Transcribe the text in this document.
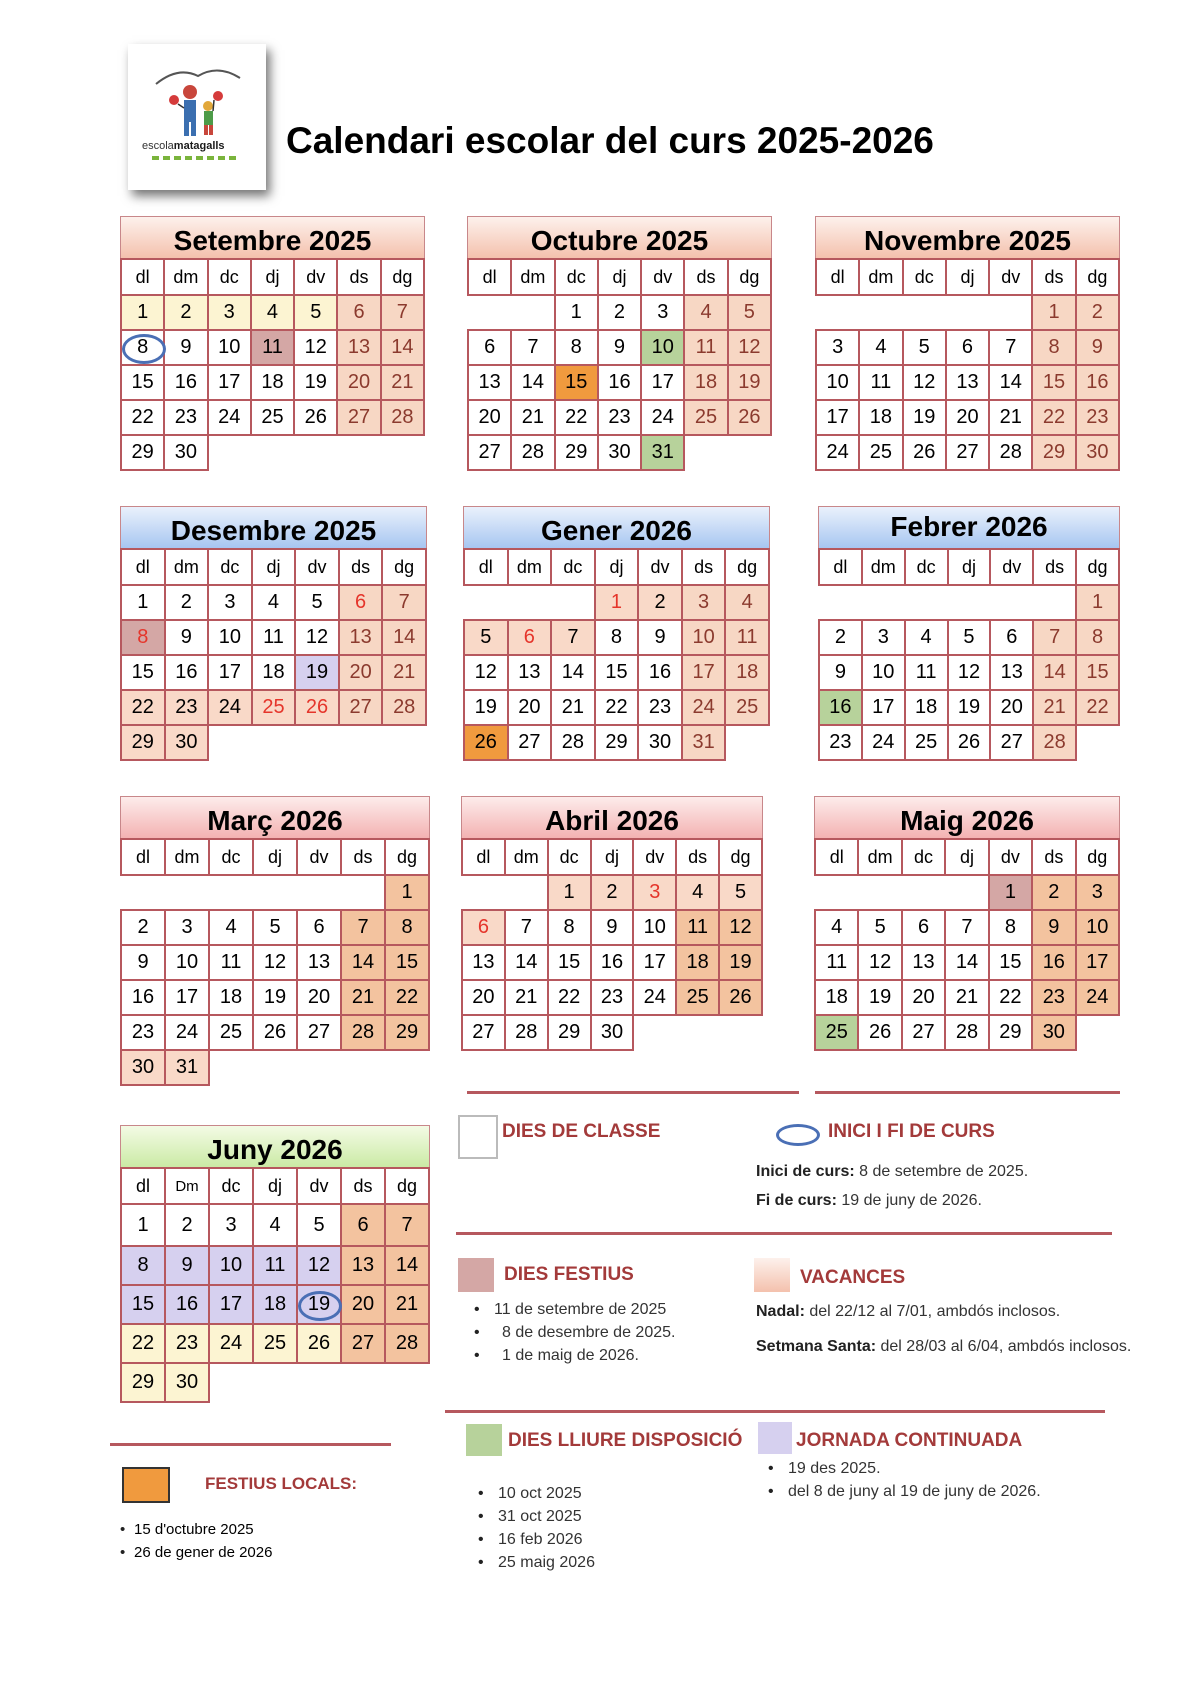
escolamatagalls Calendari escolar del curs 2025-2026
Setembre 2025
dl	dm	dc	dj	dv	ds	dg
1	2	3	4	5	6	7
8	9	10	11	12	13	14
15	16	17	18	19	20	21
22	23	24	25	26	27	28
29	30					
Octubre 2025
dl	dm	dc	dj	dv	ds	dg
		1	2	3	4	5
6	7	8	9	10	11	12
13	14	15	16	17	18	19
20	21	22	23	24	25	26
27	28	29	30	31		
Novembre 2025
dl	dm	dc	dj	dv	ds	dg
					1	2
3	4	5	6	7	8	9
10	11	12	13	14	15	16
17	18	19	20	21	22	23
24	25	26	27	28	29	30
Desembre 2025
dl	dm	dc	dj	dv	ds	dg
1	2	3	4	5	6	7
8	9	10	11	12	13	14
15	16	17	18	19	20	21
22	23	24	25	26	27	28
29	30					
Gener 2026
dl	dm	dc	dj	dv	ds	dg
			1	2	3	4
5	6	7	8	9	10	11
12	13	14	15	16	17	18
19	20	21	22	23	24	25
26	27	28	29	30	31	
Febrer 2026
dl	dm	dc	dj	dv	ds	dg
						1
2	3	4	5	6	7	8
9	10	11	12	13	14	15
16	17	18	19	20	21	22
23	24	25	26	27	28	
Març 2026
dl	dm	dc	dj	dv	ds	dg
						1
2	3	4	5	6	7	8
9	10	11	12	13	14	15
16	17	18	19	20	21	22
23	24	25	26	27	28	29
30	31					
Abril 2026
dl	dm	dc	dj	dv	ds	dg
		1	2	3	4	5
6	7	8	9	10	11	12
13	14	15	16	17	18	19
20	21	22	23	24	25	26
27	28	29	30			
Maig 2026
dl	dm	dc	dj	dv	ds	dg
				1	2	3
4	5	6	7	8	9	10
11	12	13	14	15	16	17
18	19	20	21	22	23	24
25	26	27	28	29	30	
Juny 2026
dl	Dm	dc	dj	dv	ds	dg
1	2	3	4	5	6	7
8	9	10	11	12	13	14
15	16	17	18	19	20	21
22	23	24	25	26	27	28
29	30					
DIES DE CLASSE	INICI I FI DE CURS
Inici de curs: 8 de setembre de 2025.
Fi de curs: 19 de juny de 2026.
DIES FESTIUS
• 11 de setembre de 2025
• 8 de desembre de 2025.
• 1 de maig de 2026.
VACANCES
Nadal: del 22/12 al 7/01, ambdós inclosos.
Setmana Santa: del 28/03 al 6/04, ambdós inclosos.
DIES LLIURE DISPOSICIÓ
• 10 oct 2025
• 31 oct 2025
• 16 feb 2026
• 25 maig 2026
JORNADA CONTINUADA
• 19 des 2025.
• del 8 de juny al 19 de juny de 2026.
FESTIUS LOCALS:
• 15 d'octubre 2025
• 26 de gener de 2026
